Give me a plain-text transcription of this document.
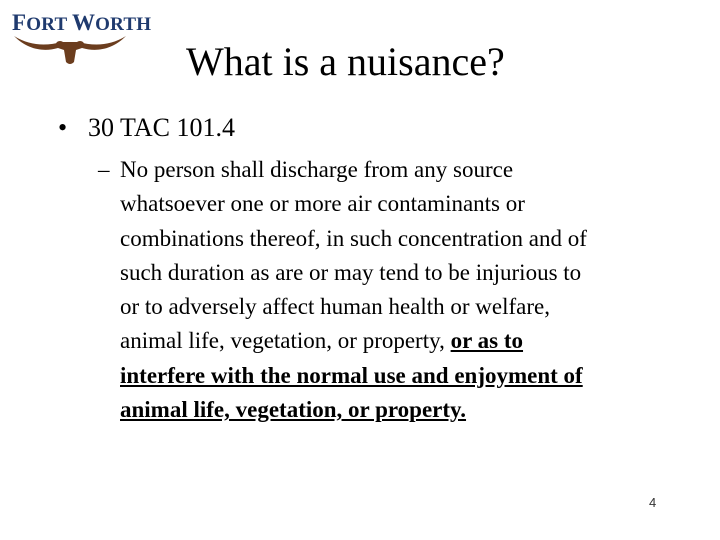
FORT WORTH
What is a nuisance?
• 30 TAC 101.4
– No person shall discharge from any source
whatsoever one or more air contaminants or
combinations thereof, in such concentration and of
such duration as are or may tend to be injurious to
or to adversely affect human health or welfare,
animal life, vegetation, or property, or as to
interfere with the normal use and enjoyment of
animal life, vegetation, or property.
4
